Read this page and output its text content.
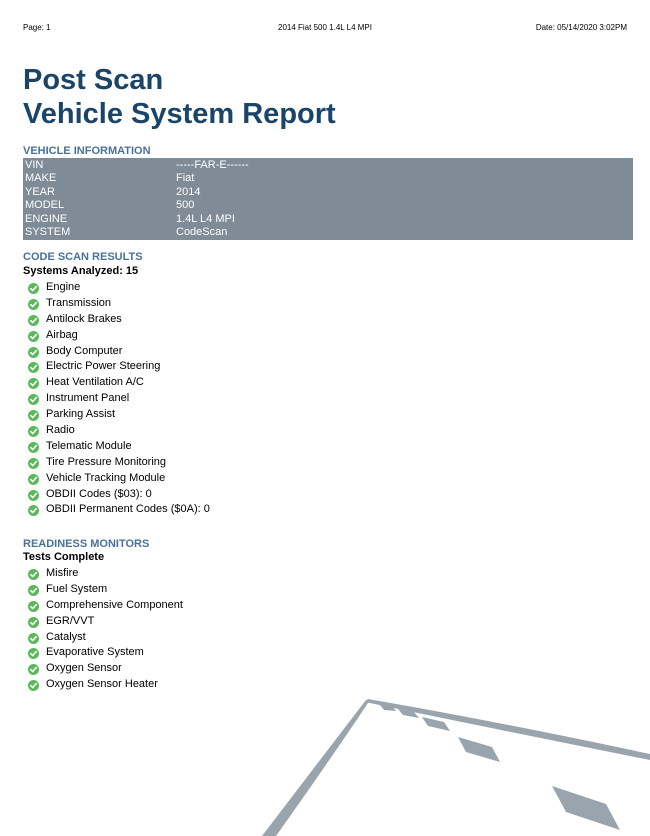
Page: 1	2014 Fiat 500 1.4L L4 MPI	Date: 05/14/2020 3:02PM
Post Scan
Vehicle System Report
VEHICLE INFORMATION
VIN	-----FAR-E------
MAKE	Fiat
YEAR	2014
MODEL	500
ENGINE	1.4L L4 MPI
SYSTEM	CodeScan
CODE SCAN RESULTS
Systems Analyzed: 15
Engine
Transmission
Antilock Brakes
Airbag
Body Computer
Electric Power Steering
Heat Ventilation A/C
Instrument Panel
Parking Assist
Radio
Telematic Module
Tire Pressure Monitoring
Vehicle Tracking Module
OBDII Codes ($03): 0
OBDII Permanent Codes ($0A): 0
READINESS MONITORS
Tests Complete
Misfire
Fuel System
Comprehensive Component
EGR/VVT
Catalyst
Evaporative System
Oxygen Sensor
Oxygen Sensor Heater
